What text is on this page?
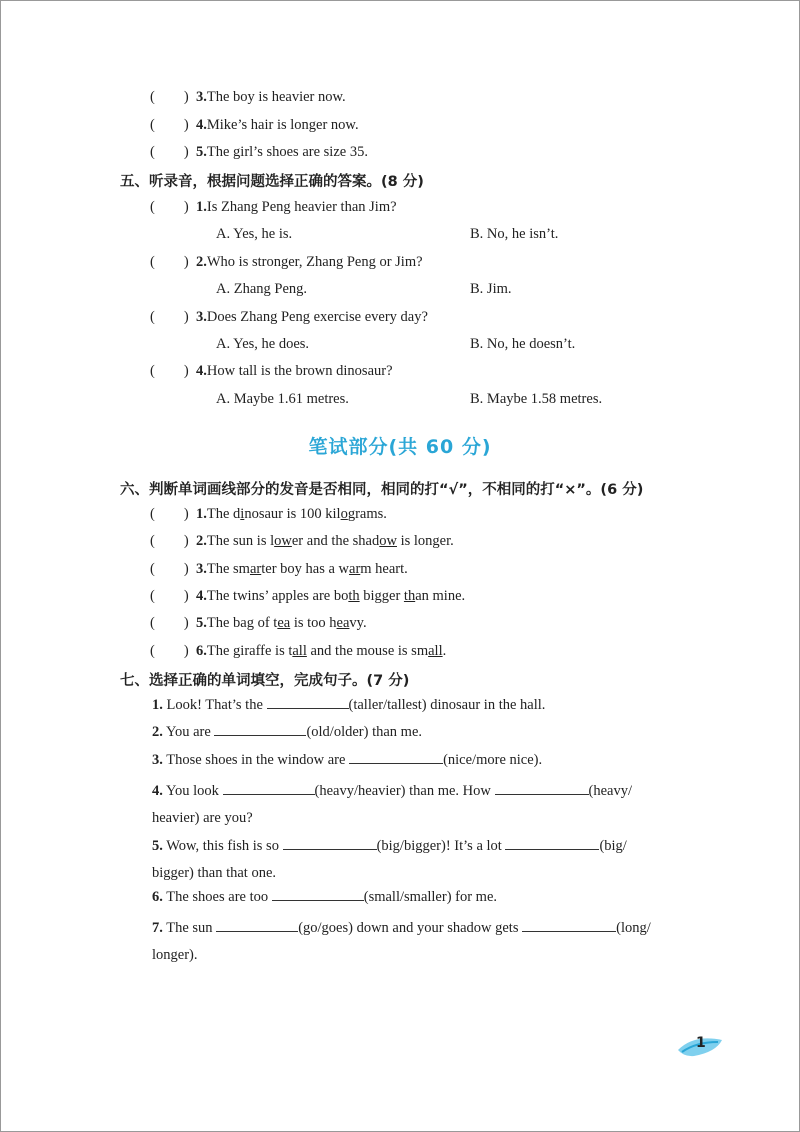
(　　) 3.The boy is heavier now.
(　　) 4.Mike’s hair is longer now.
(　　) 5.The girl’s shoes are size 35.
五、听录音，根据问题选择正确的答案。(8 分)
(　　) 1.Is Zhang Peng heavier than Jim?
A. Yes, he is.	B. No, he isn’t.
(　　) 2.Who is stronger, Zhang Peng or Jim?
A. Zhang Peng.	B. Jim.
(　　) 3.Does Zhang Peng exercise every day?
A. Yes, he does.	B. No, he doesn’t.
(　　) 4.How tall is the brown dinosaur?
A. Maybe 1.61 metres.	B. Maybe 1.58 metres.
笔试部分(共 60 分)
六、判断单词画线部分的发音是否相同，相同的打“√”，不相同的打“×”。(6 分)
(　　) 1.The dinosaur is 100 kilograms.
(　　) 2.The sun is lower and the shadow is longer.
(　　) 3.The smarter boy has a warm heart.
(　　) 4.The twins’ apples are both bigger than mine.
(　　) 5.The bag of tea is too heavy.
(　　) 6.The giraffe is tall and the mouse is small.
七、选择正确的单词填空，完成句子。(7 分)
1. Look! That’s the	(taller/tallest) dinosaur in the hall.
2. You are	(old/older) than me.
3. Those shoes in the window are	(nice/more nice).
4. You look	(heavy/heavier) than me. How	(heavy/
heavier) are you?
5. Wow, this fish is so	(big/bigger)! It’s a lot	(big/
bigger) than that one.
6. The shoes are too	(small/smaller) for me.
7. The sun	(go/goes) down and your shadow gets	(long/
longer).
1
